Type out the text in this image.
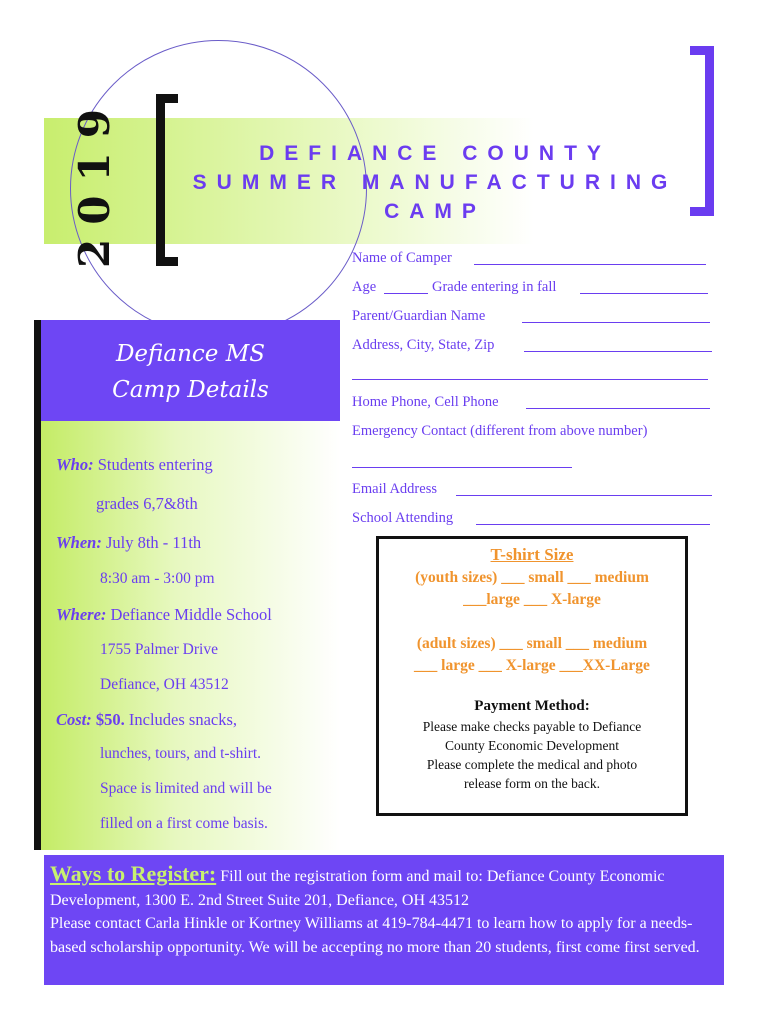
2019	DEFIANCE COUNTY
SUMMER MANUFACTURING
CAMP
Defiance MS
Camp Details
Who: Students entering
grades 6,7&8th
When: July 8th - 11th
8:30 am - 3:00 pm
Where: Defiance Middle School
1755 Palmer Drive
Defiance, OH 43512
Cost: $50. Includes snacks,
lunches, tours, and t-shirt.
Space is limited and will be
filled on a first come basis.
Name of Camper
Age	Grade entering in fall
Parent/Guardian Name
Address, City, State, Zip
Home Phone, Cell Phone
Emergency Contact (different from above number)
Email Address
School Attending
T-shirt Size
(youth sizes) ___ small ___ medium
___large ___ X-large
(adult sizes) ___ small ___ medium
___ large ___ X-large ___XX-Large
Payment Method:
Please make checks payable to Defiance
County Economic Development
Please complete the medical and photo
release form on the back.
Ways to Register: Fill out the registration form and mail to: Defiance County Economic Development, 1300 E. 2nd Street Suite 201, Defiance, OH 43512
Please contact Carla Hinkle or Kortney Williams at 419-784-4471 to learn how to apply for a needs-based scholarship opportunity. We will be accepting no more than 20 students, first come first served.
